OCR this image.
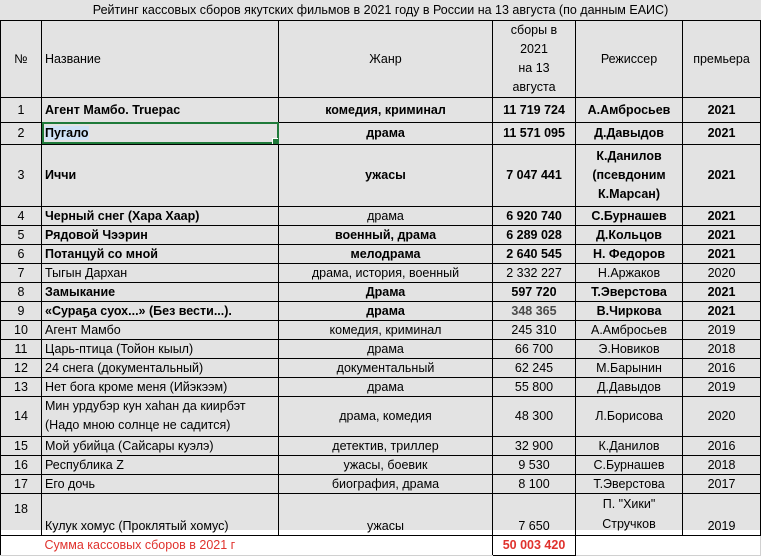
Рейтинг кассовых сборов якутских фильмов в 2021 году в России на 13 августа (по данным ЕАИС)					
№	Название	Жанр	сборы в 2021
на 13 августа	Режиссер	премьера
1	Агент Мамбо. Truepac	комедия, криминал	11 719 724	А.Амбросьев	2021
2	Пугало	драма	11 571 095	Д.Давыдов	2021
3	Иччи	ужасы	7 047 441	К.Данилов
(псевдоним
К.Марсан)	2021
4	Черный снег (Хара Хаар)	драма	6 920 740	С.Бурнашев	2021
5	Рядовой Чээрин	военный, драма	6 289 028	Д.Кольцов	2021
6	Потанцуй со мной	мелодрама	2 640 545	Н. Федоров	2021
7	Тыгын Дархан	драма, история, военный	2 332 227	Н.Аржаков	2020
8	Замыкание	Драма	597 720	Т.Эверстова	2021
9	«Сураҕа суох...» (Без вести...).	драма	348 365	В.Чиркова	2021
10	Агент Мамбо	комедия, криминал	245 310	А.Амбросьев	2019
11	Царь-птица (Тойон кыыл)	драма	66 700	Э.Новиков	2018
12	24 снега (документальный)	документальный	62 245	М.Барынин	2016
13	Нет бога кроме меня (Ийэкээм)	драма	55 800	Д.Давыдов	2019
14	Мин урдубэр кун хаһан да киирбэт
(Надо мною солнце не садится)	драма, комедия	48 300	Л.Борисова	2020
15	Мой убийца (Сайсары куэлэ)	детектив, триллер	32 900	К.Данилов	2016
16	Республика Z	ужасы, боевик	9 530	С.Бурнашев	2018
17	Его дочь	биография, драма	8 100	Т.Эверстова	2017
18	Кулук хомус (Проклятый хомус)	ужасы	7 650	П. "Хики"
Стручков	2019
	Сумма кассовых сборов в 2021 г		50 003 420		
